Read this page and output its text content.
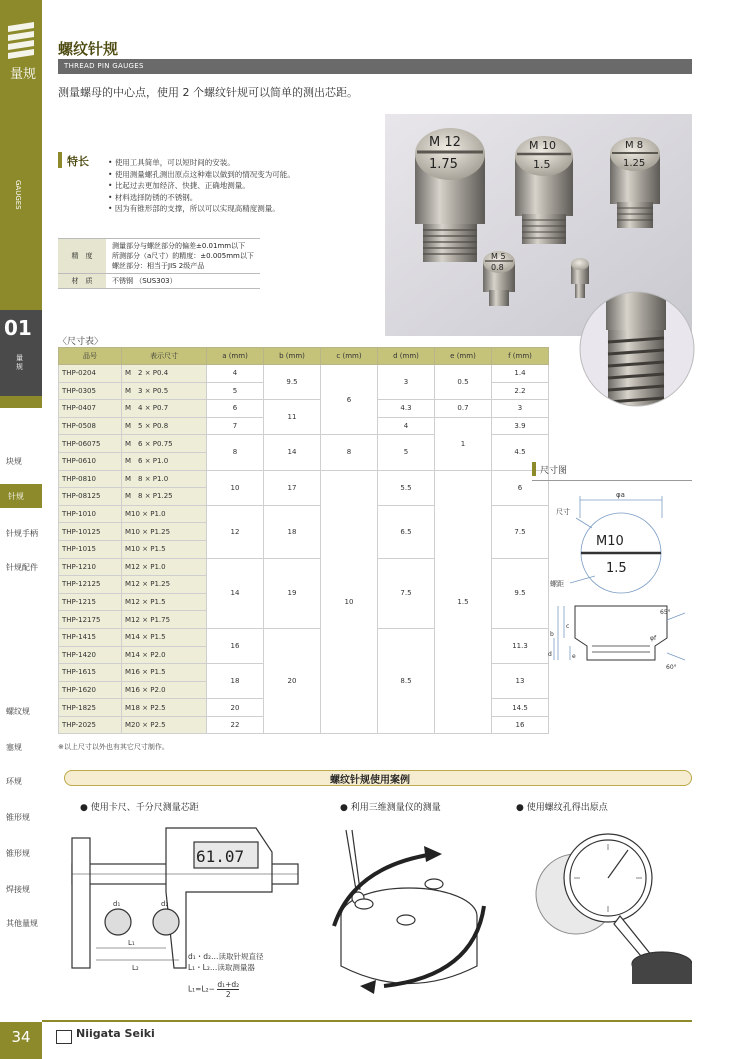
量规
GAUGES
01
量规
块规
针规
针规手柄
针规配件
螺纹规
塞规
环规
锥形规
锥形规
焊接规
其他量规
螺纹针规
THREAD PIN GAUGES
测量螺母的中心点，使用 2 个螺纹针规可以简单的测出芯距。
M 12
1.75
M 10
1.5
M 8
1.25
M 5
0.8
特长	• 使用工具简单，可以短时间的安装。
• 使用测量螺孔测出原点这种难以做到的情况变为可能。
• 比起过去更加经济、快捷、正确地测量。
• 材料选择防锈的不锈钢。
• 因为有锥形部的支撑，所以可以实现高精度测量。
精　度	测量部分与螺丝部分的偏差±0.01mm以下
所测部分（a尺寸）的精度：±0.005mm以下
螺丝部分：相当于JIS 2级产品

材　质	不锈钢 （SUS303）
〈尺寸表〉
品号	表示尺寸	a (mm)	b (mm)	c (mm)	d (mm)	e (mm)	f (mm)
THP-0204	M　2 × P0.4	4	9.5	6	3	0.5	1.4
THP-0305	M　3 × P0.5	5					2.2
THP-0407	M　4 × P0.7	6	11		4.3	0.7	3
THP-0508	M　5 × P0.8	7			4	1	3.9
THP-06075	M　6 × P0.75	8	14	8	5		4.5
THP-0610	M　6 × P1.0						
THP-0810	M　8 × P1.0	10	17	10	5.5	1.5	6
THP-08125	M　8 × P1.25						
THP-1010	M10 × P1.0	12	18		6.5		7.5
THP-10125	M10 × P1.25						
THP-1015	M10 × P1.5						
THP-1210	M12 × P1.0	14	19		7.5		9.5
THP-12125	M12 × P1.25						
THP-1215	M12 × P1.5						
THP-12175	M12 × P1.75						
THP-1415	M14 × P1.5	16	20		8.5		11.3
THP-1420	M14 × P2.0						
THP-1615	M16 × P1.5	18					13
THP-1620	M16 × P2.0						
THP-1825	M18 × P2.5	20					14.5
THP-2025	M20 × P2.5	22					16
※以上尺寸以外也有其它尺寸制作。
尺寸图
φa
尺寸
M10
1.5
螺距
65°
60°
φf
b
c
d	e
螺纹针规使用案例
● 使用卡尺、千分尺测量芯距	● 利用三维测量仪的测量	● 使用螺纹孔得出原点
61.07
d₁	d₂
L₁
L₂
d₁・d₂…读取针规直径
L₁・L₂…读取测量器
$L_1=L_2- \frac{\text{d₁+d₂}}{2}$
34	Niigata Seiki
